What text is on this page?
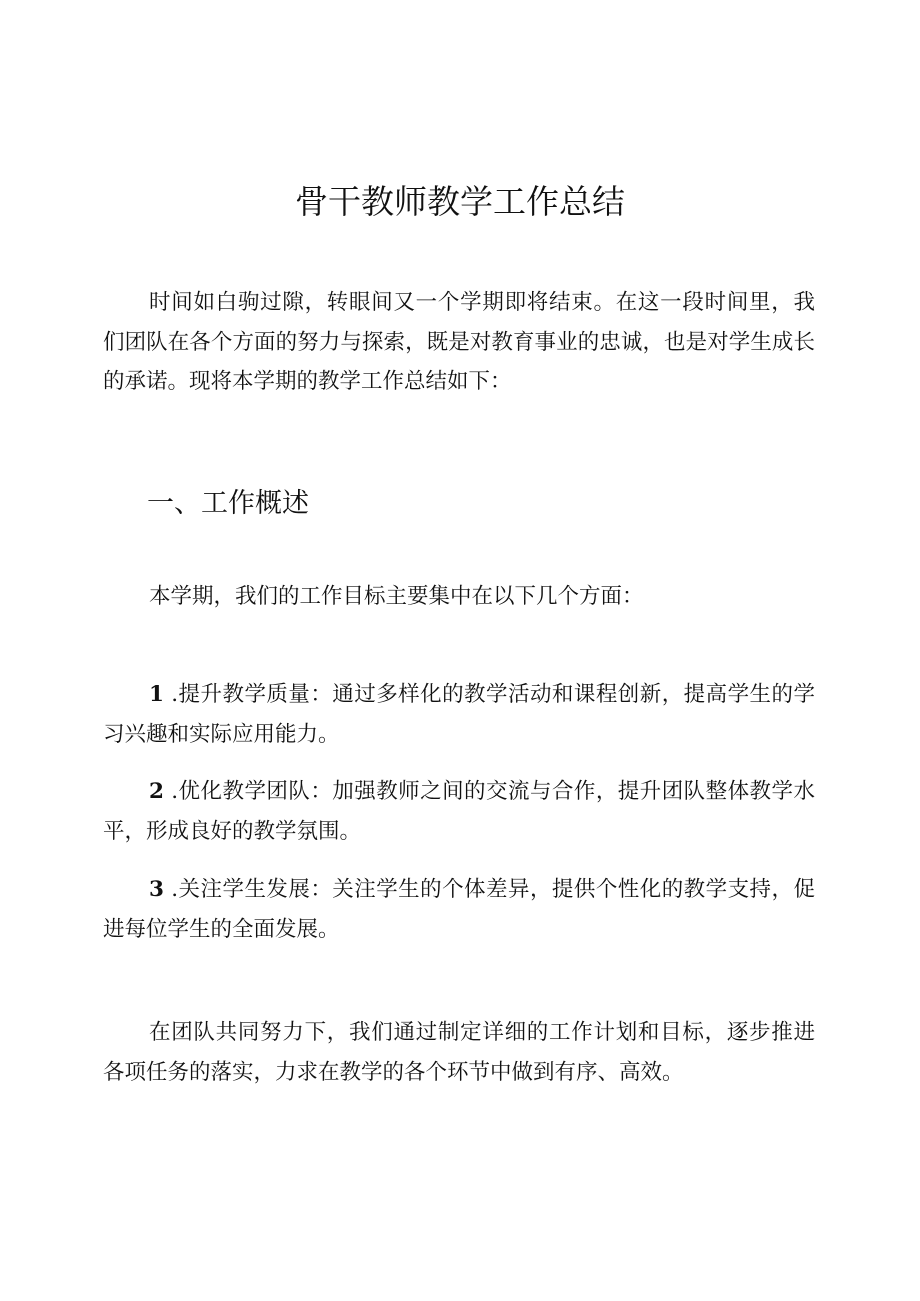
骨干教师教学工作总结

时间如白驹过隙，转眼间又一个学期即将结束。在这一段时间里，我们团队在各个方面的努力与探索，既是对教育事业的忠诚，也是对学生成长的承诺。现将本学期的教学工作总结如下：

一、工作概述

本学期，我们的工作目标主要集中在以下几个方面：

1 .提升教学质量：通过多样化的教学活动和课程创新，提高学生的学习兴趣和实际应用能力。

2 .优化教学团队：加强教师之间的交流与合作，提升团队整体教学水平，形成良好的教学氛围。

3 .关注学生发展：关注学生的个体差异，提供个性化的教学支持，促进每位学生的全面发展。

在团队共同努力下，我们通过制定详细的工作计划和目标，逐步推进各项任务的落实，力求在教学的各个环节中做到有序、高效。
